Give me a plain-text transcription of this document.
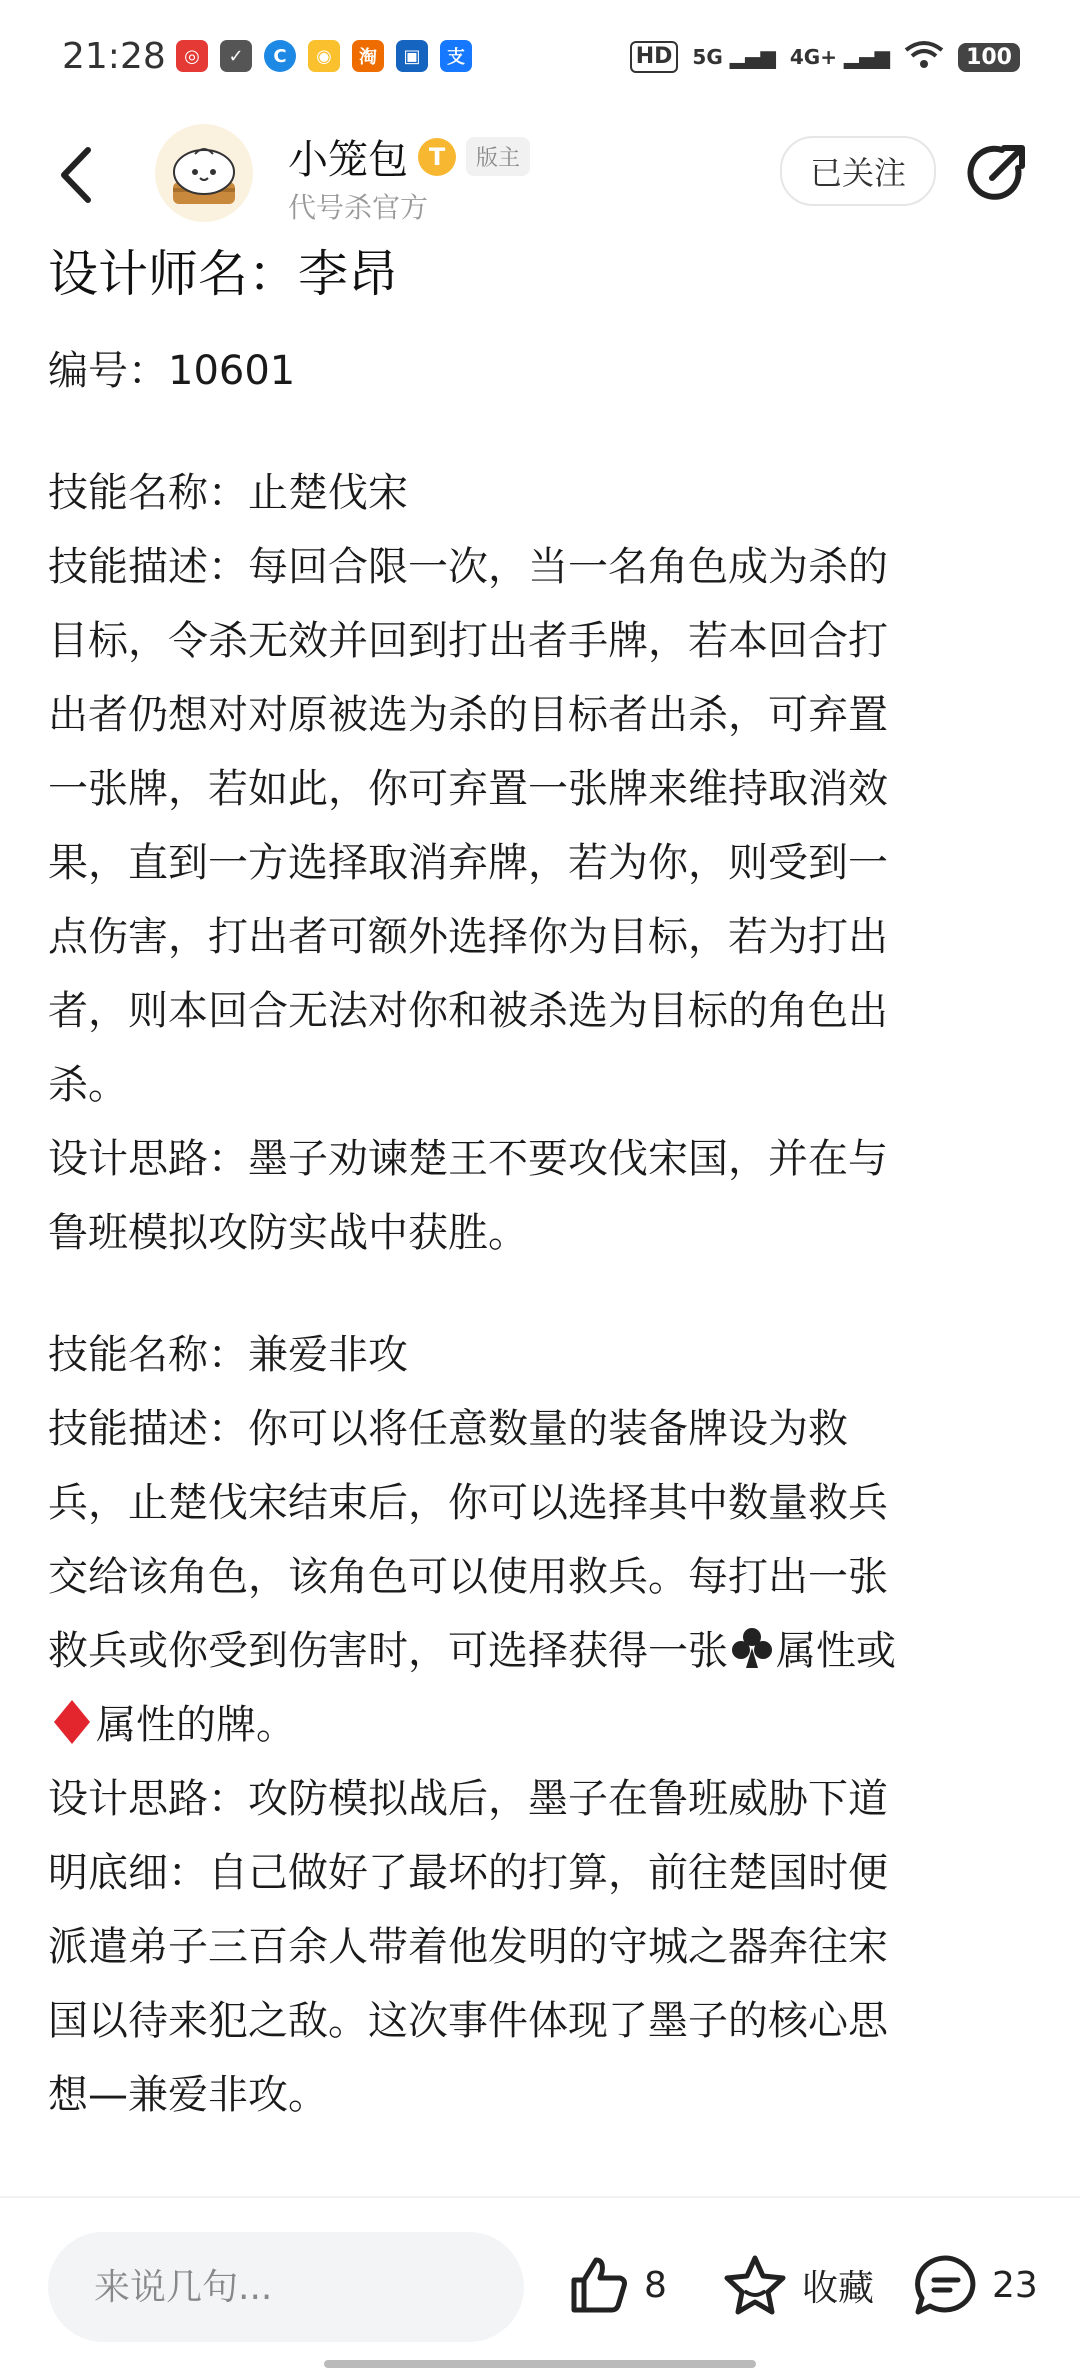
21:28	◎	✓	C	◉	淘	▣	支	HD	5G ▂▄▆ 4G+ ▂▄▆	100
小笼包 T	版主
代号杀官方
已关注
设计师名：李昂

编号：10601

技能名称：止楚伐宋

技能描述：每回合限一次，当一名角色成为杀的

目标，令杀无效并回到打出者手牌，若本回合打

出者仍想对对原被选为杀的目标者出杀，可弃置

一张牌，若如此，你可弃置一张牌来维持取消效

果，直到一方选择取消弃牌，若为你，则受到一

点伤害，打出者可额外选择你为目标，若为打出

者，则本回合无法对你和被杀选为目标的角色出

杀。

设计思路：墨子劝谏楚王不要攻伐宋国，并在与

鲁班模拟攻防实战中获胜。

技能名称：兼爱非攻

技能描述：你可以将任意数量的装备牌设为救

兵，止楚伐宋结束后，你可以选择其中数量救兵

交给该角色，该角色可以使用救兵。每打出一张

救兵或你受到伤害时，可选择获得一张 属性或

属性的牌。

设计思路：攻防模拟战后，墨子在鲁班威胁下道

明底细：自己做好了最坏的打算，前往楚国时便

派遣弟子三百余人带着他发明的守城之器奔往宋

国以待来犯之敌。这次事件体现了墨子的核心思

想—兼爱非攻。

来说几句...
8	收藏	23
